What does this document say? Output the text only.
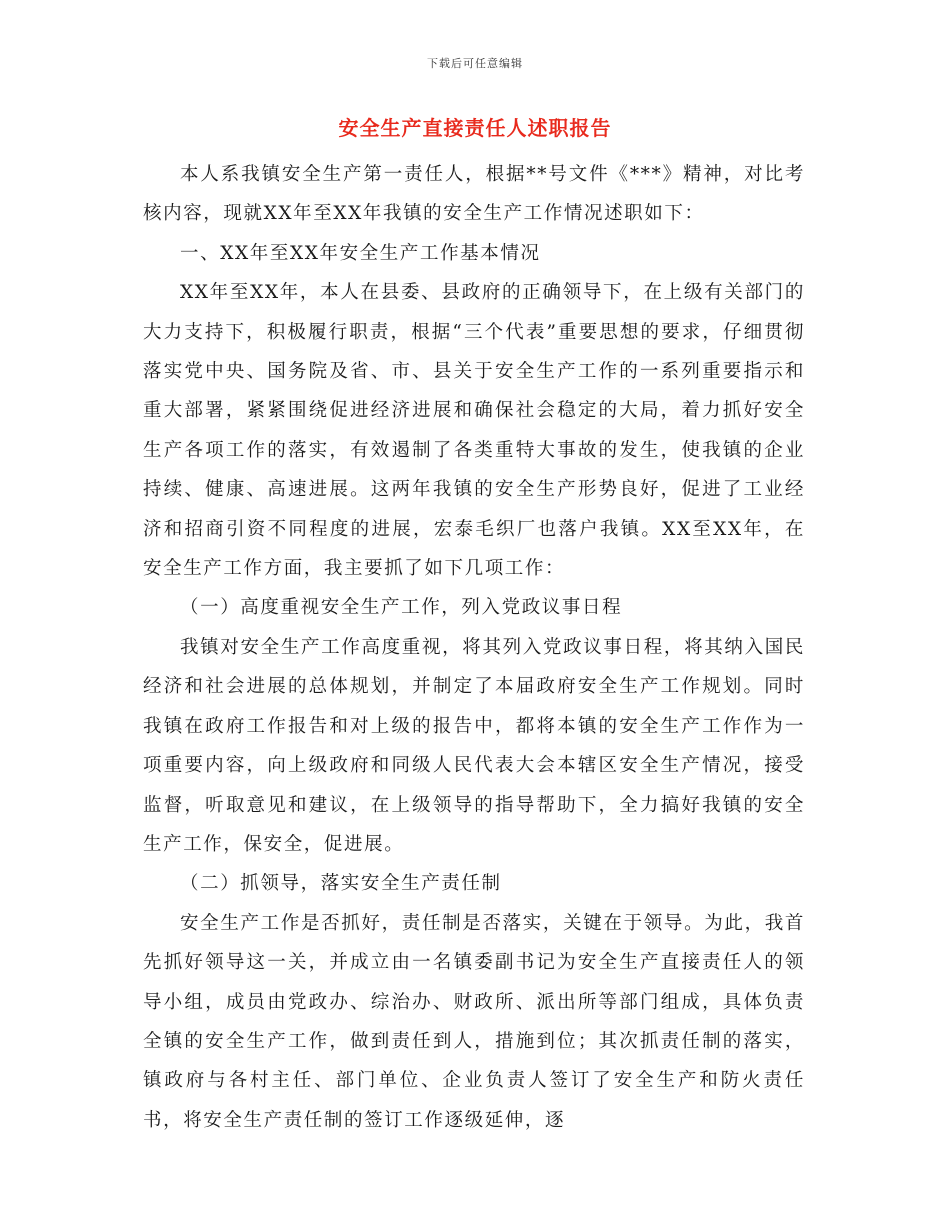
下载后可任意编辑
安全生产直接责任人述职报告

本人系我镇安全生产第一责任人，根据**号文件《***》精神，对比考核内容，现就XX年至XX年我镇的安全生产工作情况述职如下：

一、XX年至XX年安全生产工作基本情况

XX年至XX年，本人在县委、县政府的正确领导下，在上级有关部门的大力支持下，积极履行职责，根据“三个代表”重要思想的要求，仔细贯彻落实党中央、国务院及省、市、县关于安全生产工作的一系列重要指示和重大部署，紧紧围绕促进经济进展和确保社会稳定的大局，着力抓好安全生产各项工作的落实，有效遏制了各类重特大事故的发生，使我镇的企业持续、健康、高速进展。这两年我镇的安全生产形势良好，促进了工业经济和招商引资不同程度的进展，宏泰毛织厂也落户我镇。XX至XX年，在安全生产工作方面，我主要抓了如下几项工作：

（一）高度重视安全生产工作，列入党政议事日程

我镇对安全生产工作高度重视，将其列入党政议事日程，将其纳入国民经济和社会进展的总体规划，并制定了本届政府安全生产工作规划。同时我镇在政府工作报告和对上级的报告中，都将本镇的安全生产工作作为一项重要内容，向上级政府和同级人民代表大会本辖区安全生产情况，接受监督，听取意见和建议，在上级领导的指导帮助下，全力搞好我镇的安全生产工作，保安全，促进展。

（二）抓领导，落实安全生产责任制

安全生产工作是否抓好，责任制是否落实，关键在于领导。为此，我首先抓好领导这一关，并成立由一名镇委副书记为安全生产直接责任人的领导小组，成员由党政办、综治办、财政所、派出所等部门组成，具体负责全镇的安全生产工作，做到责任到人，措施到位；其次抓责任制的落实，镇政府与各村主任、部门单位、企业负责人签订了安全生产和防火责任书，将安全生产责任制的签订工作逐级延伸，逐
